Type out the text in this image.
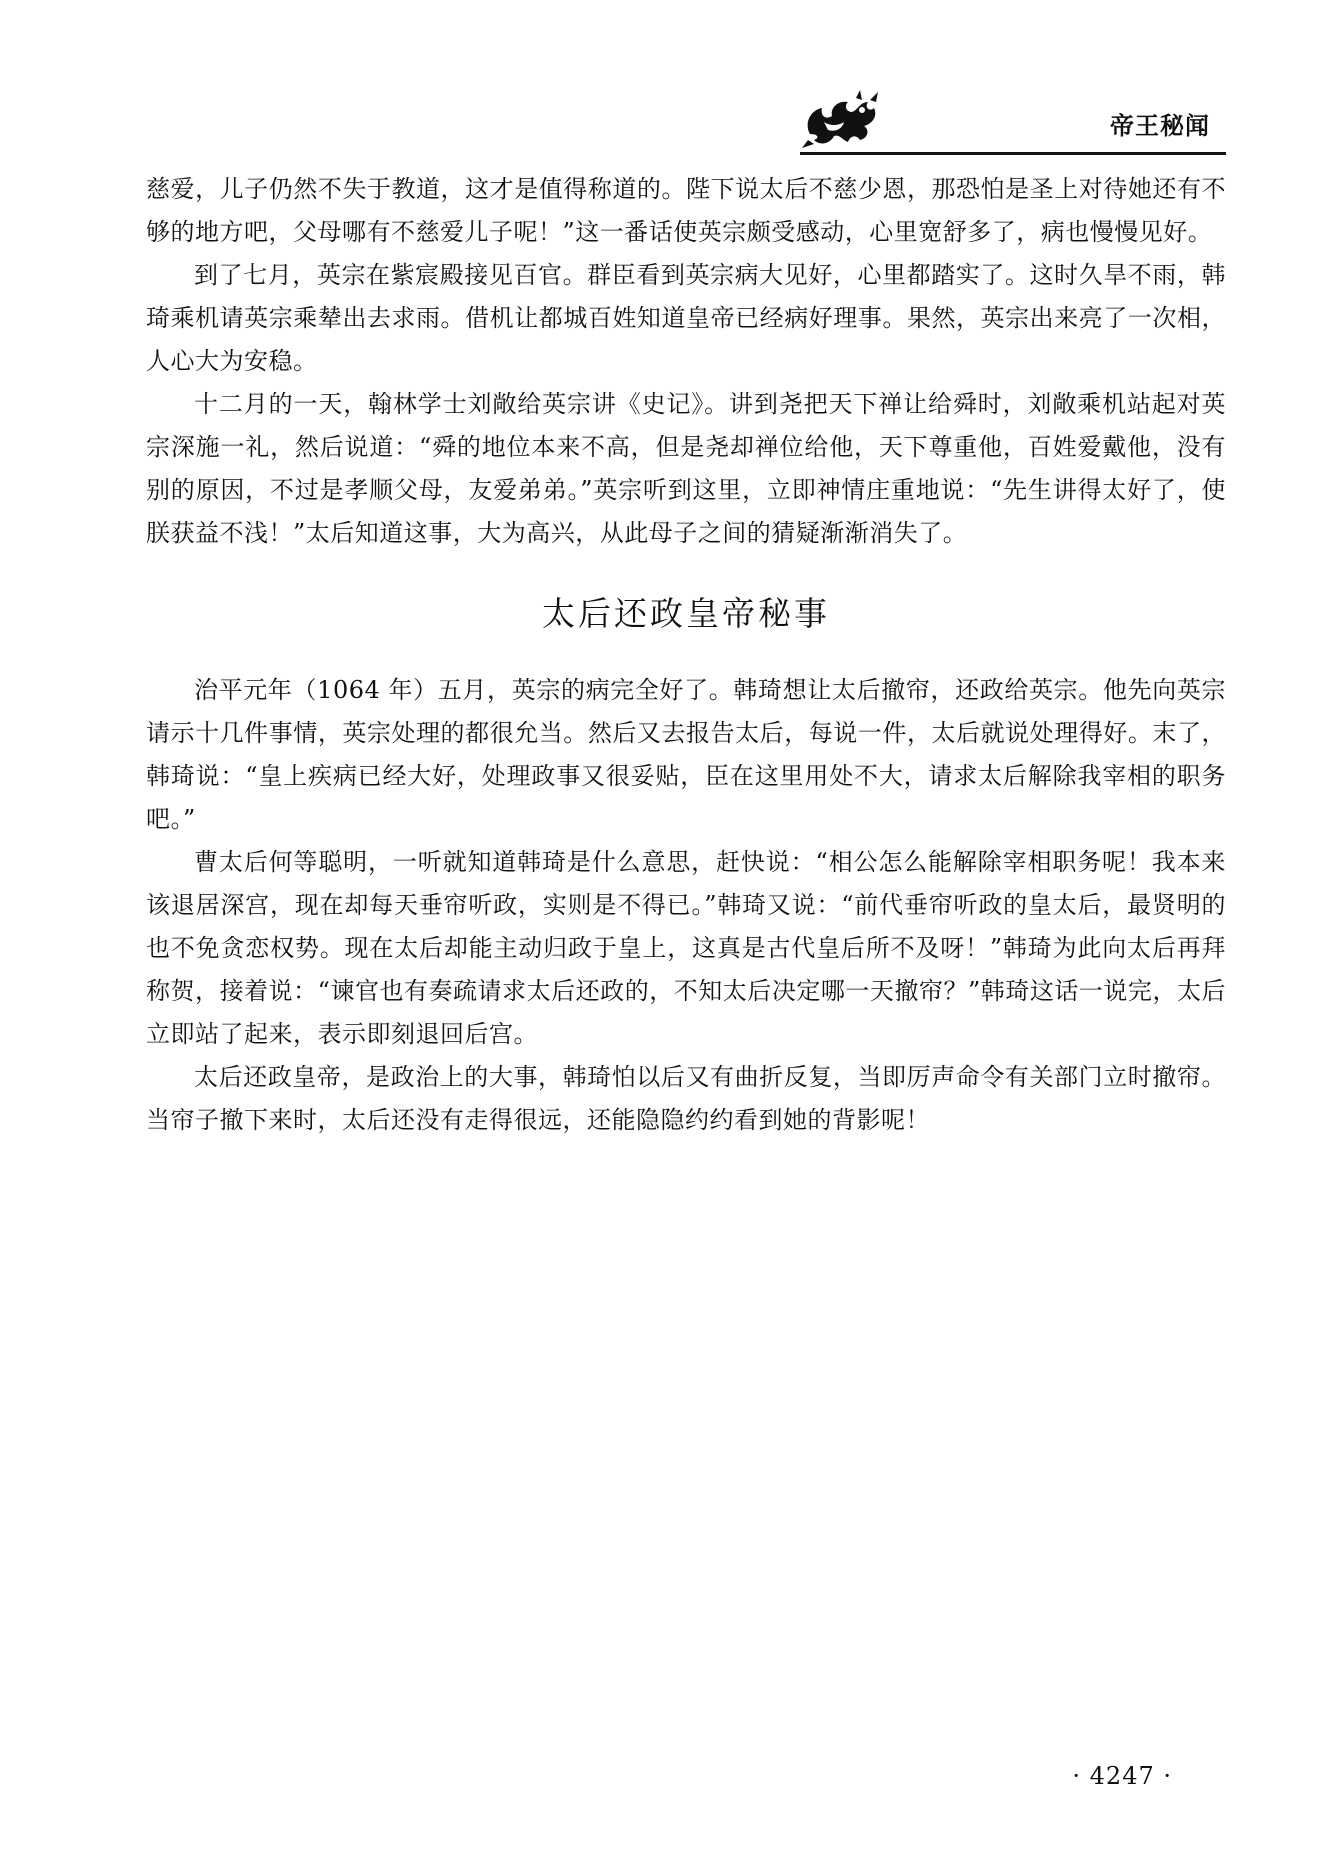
帝王秘闻

慈爱，儿子仍然不失于教道，这才是值得称道的。陛下说太后不慈少恩，那恐怕是圣上对待她还有不够的地方吧，父母哪有不慈爱儿子呢！”这一番话使英宗颇受感动，心里宽舒多了，病也慢慢见好。

到了七月，英宗在紫宸殿接见百官。群臣看到英宗病大见好，心里都踏实了。这时久旱不雨，韩琦乘机请英宗乘辇出去求雨。借机让都城百姓知道皇帝已经病好理事。果然，英宗出来亮了一次相，人心大为安稳。

十二月的一天，翰林学士刘敞给英宗讲《史记》。讲到尧把天下禅让给舜时，刘敞乘机站起对英宗深施一礼，然后说道：“舜的地位本来不高，但是尧却禅位给他，天下尊重他，百姓爱戴他，没有别的原因，不过是孝顺父母，友爱弟弟。”英宗听到这里，立即神情庄重地说：“先生讲得太好了，使朕获益不浅！”太后知道这事，大为高兴，从此母子之间的猜疑渐渐消失了。

太后还政皇帝秘事

治平元年（1064 年）五月，英宗的病完全好了。韩琦想让太后撤帘，还政给英宗。他先向英宗请示十几件事情，英宗处理的都很允当。然后又去报告太后，每说一件，太后就说处理得好。末了，韩琦说：“皇上疾病已经大好，处理政事又很妥贴，臣在这里用处不大，请求太后解除我宰相的职务吧。”

曹太后何等聪明，一听就知道韩琦是什么意思，赶快说：“相公怎么能解除宰相职务呢！我本来该退居深宫，现在却每天垂帘听政，实则是不得已。”韩琦又说：“前代垂帘听政的皇太后，最贤明的也不免贪恋权势。现在太后却能主动归政于皇上，这真是古代皇后所不及呀！”韩琦为此向太后再拜称贺，接着说：“谏官也有奏疏请求太后还政的，不知太后决定哪一天撤帘？”韩琦这话一说完，太后立即站了起来，表示即刻退回后宫。

太后还政皇帝，是政治上的大事，韩琦怕以后又有曲折反复，当即厉声命令有关部门立时撤帘。当帘子撤下来时，太后还没有走得很远，还能隐隐约约看到她的背影呢！

· 4247 ·
